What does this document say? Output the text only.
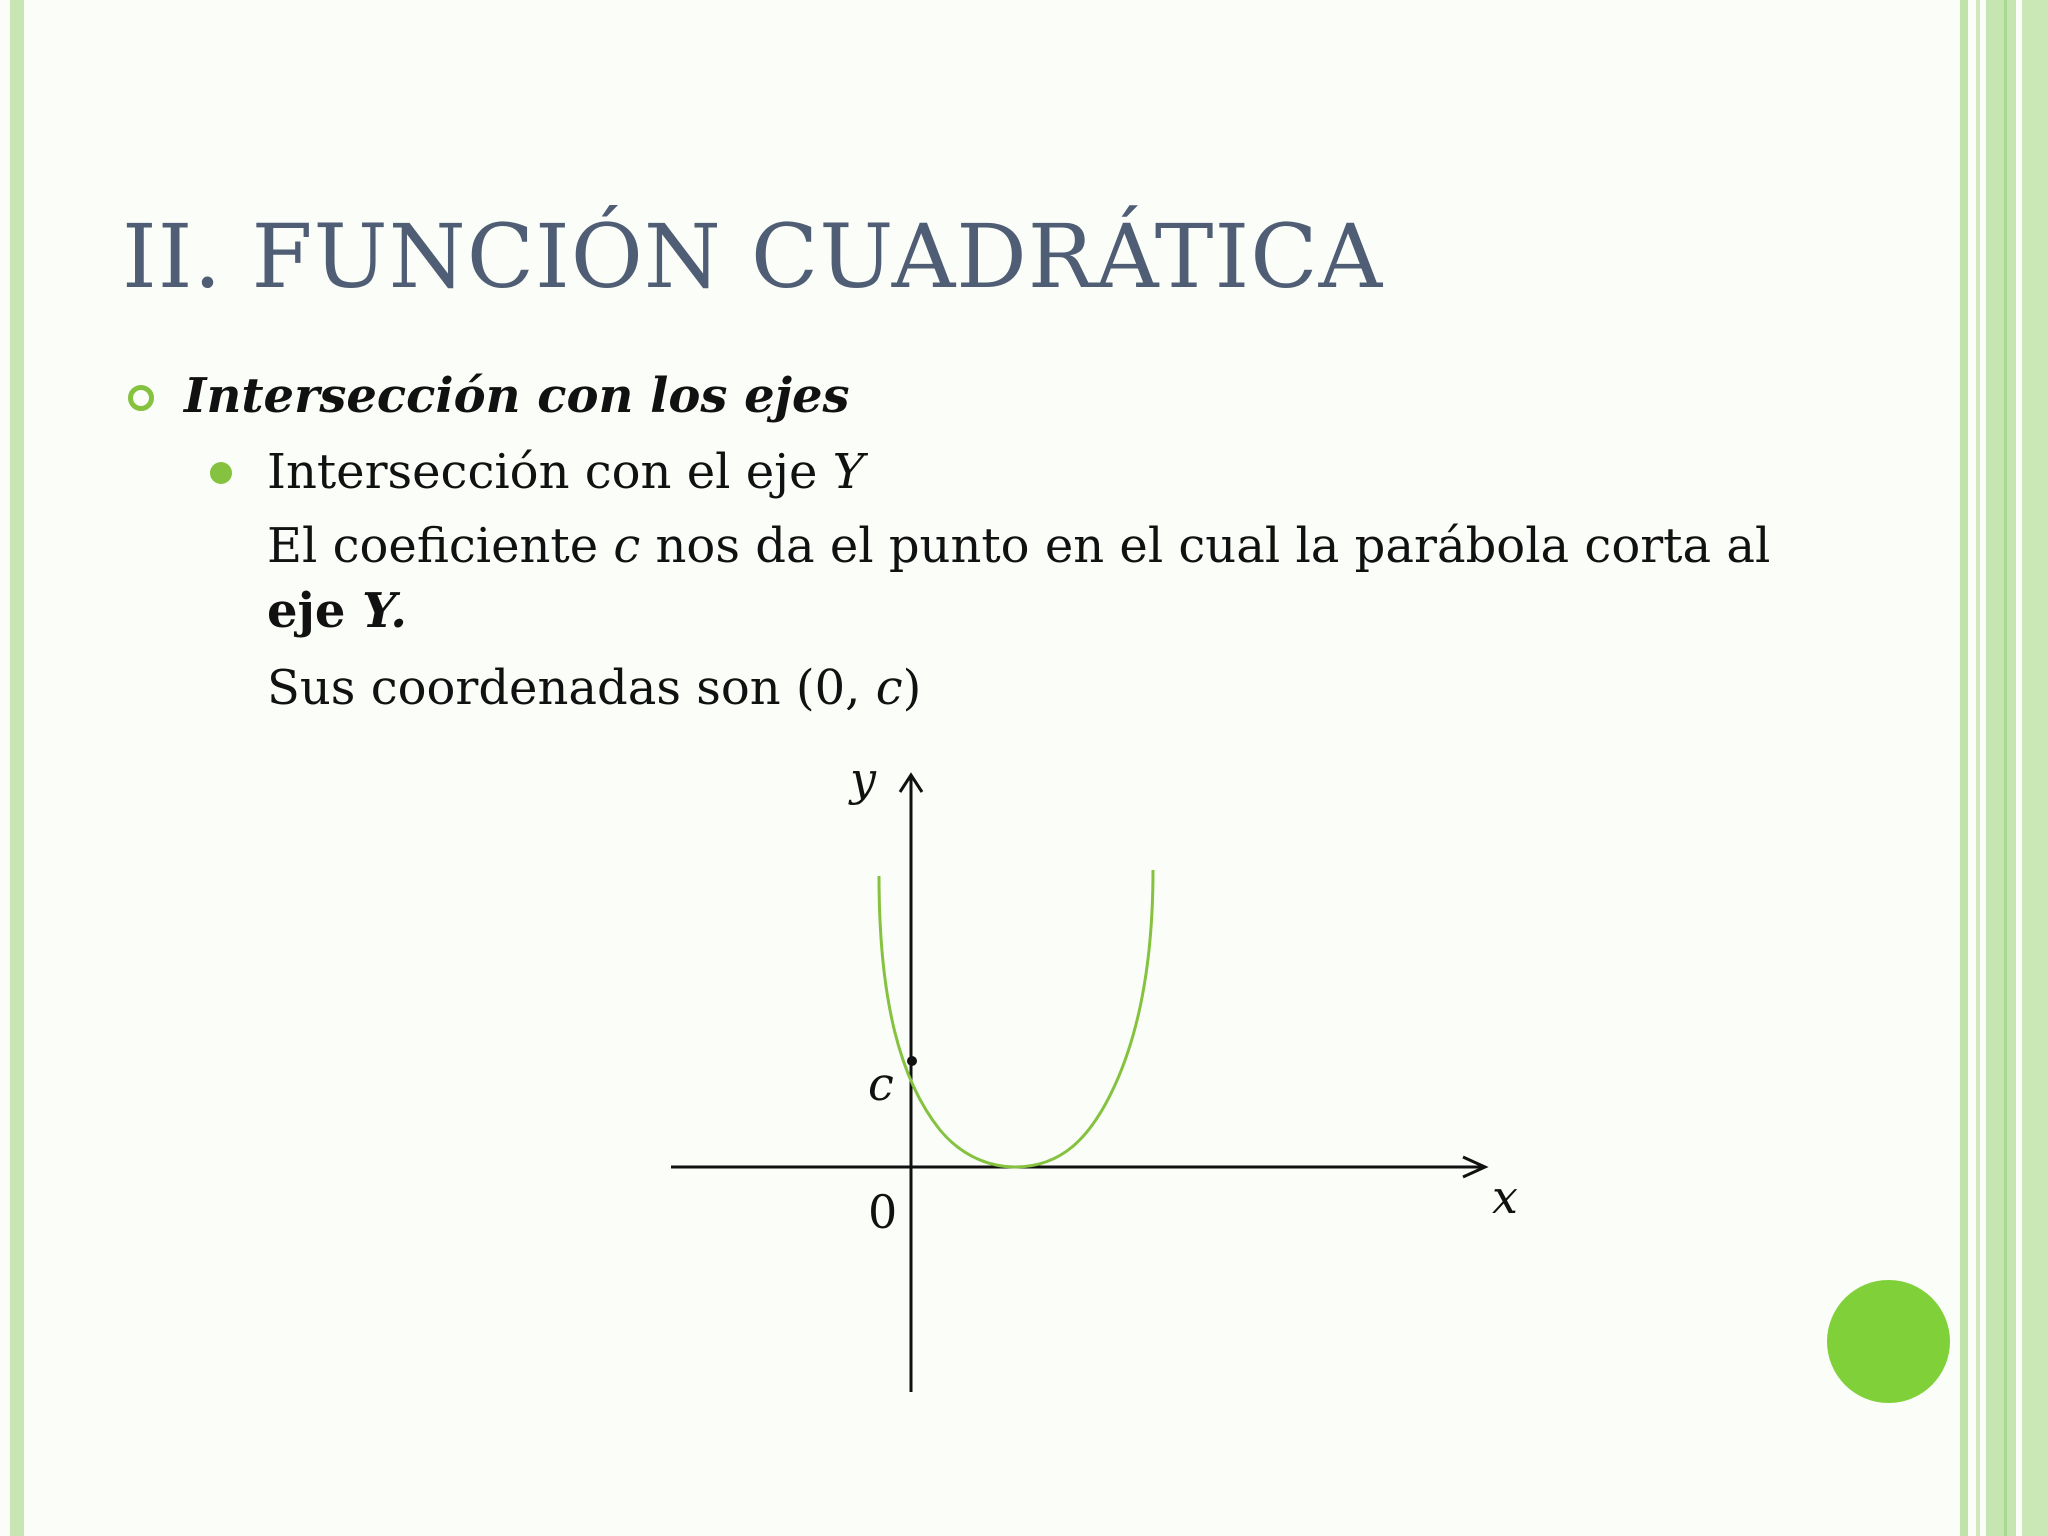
II. FUNCIÓN CUADRÁTICA
Intersección con los ejes
Intersección con el eje Y
El coeficiente c nos da el punto en el cual la parábola corta al
eje Y.
Sus coordenadas son (0, c)
y
x
c
0
